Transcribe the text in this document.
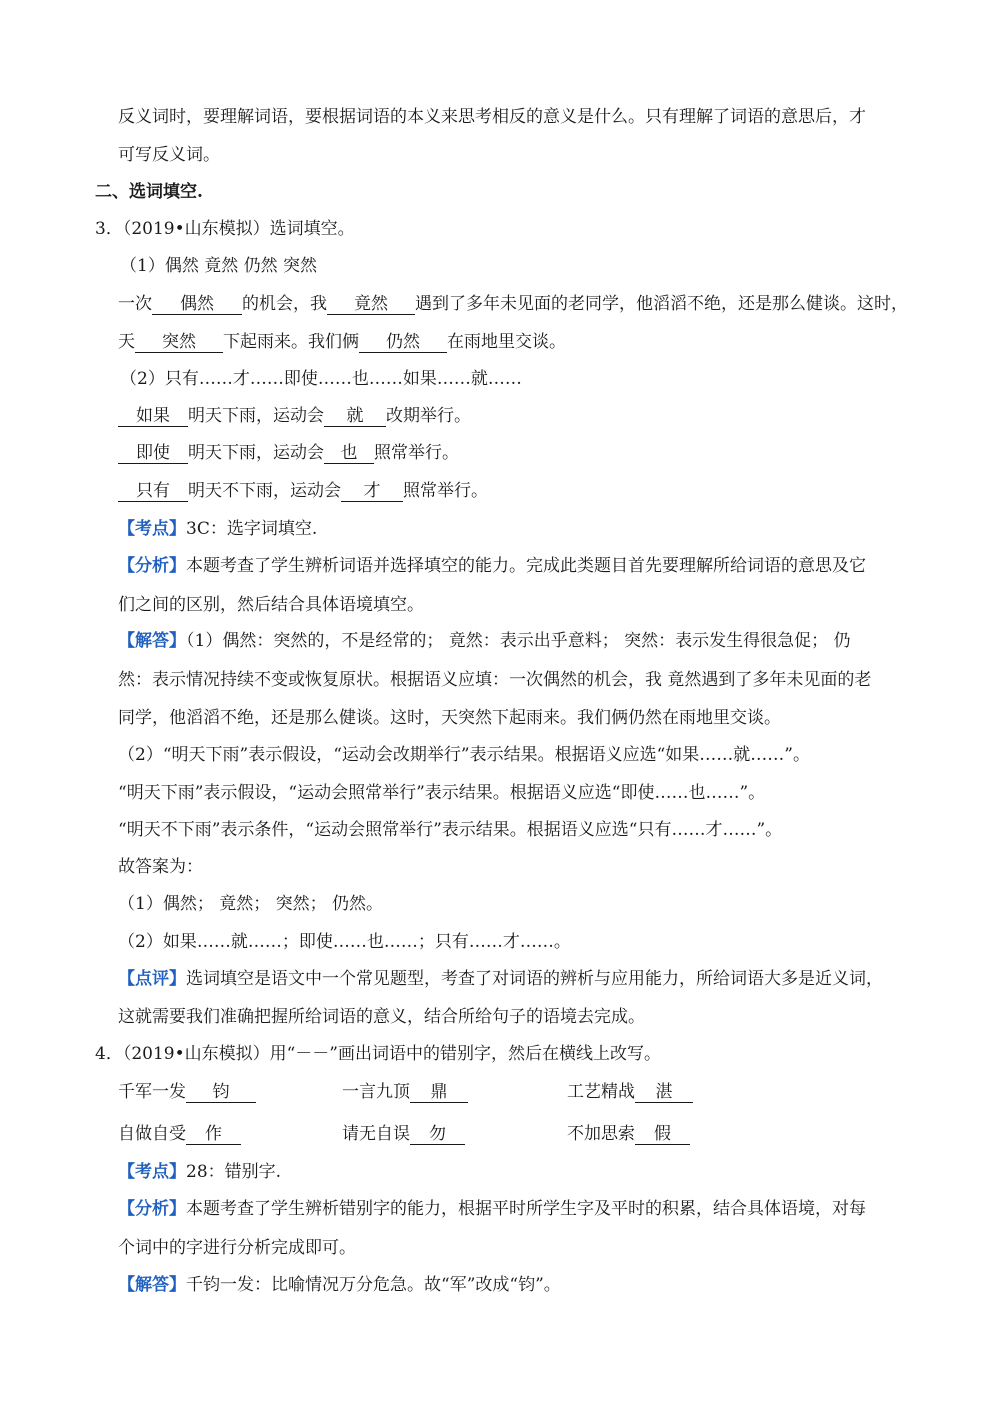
反义词时，要理解词语，要根据词语的本义来思考相反的意义是什么。只有理解了词语的意思后，才
可写反义词。
二、选词填空.
3．（2019•山东模拟）选词填空。
（1）偶然 竟然 仍然 突然
一次 偶然 的机会，我 竟然 遇到了多年未见面的老同学，他滔滔不绝，还是那么健谈。这时，
天 突然 下起雨来。我们俩 仍然 在雨地里交谈。
（2）只有……才……即使……也……如果……就……
如果 明天下雨，运动会 就 改期举行。
即使 明天下雨，运动会 也 照常举行。
只有 明天不下雨，运动会 才 照常举行。
【考点】3C：选字词填空.
【分析】本题考查了学生辨析词语并选择填空的能力。完成此类题目首先要理解所给词语的意思及它
们之间的区别，然后结合具体语境填空。
【解答】（1）偶然：突然的，不是经常的； 竟然：表示出乎意料； 突然：表示发生得很急促； 仍
然：表示情况持续不变或恢复原状。根据语义应填：一次偶然的机会，我 竟然遇到了多年未见面的老
同学，他滔滔不绝，还是那么健谈。这时，天突然下起雨来。我们俩仍然在雨地里交谈。
（2）“明天下雨”表示假设，“运动会改期举行”表示结果。根据语义应选“如果……就……”。
“明天下雨”表示假设，“运动会照常举行”表示结果。根据语义应选“即使……也……”。
“明天不下雨”表示条件，“运动会照常举行”表示结果。根据语义应选“只有……才……”。
故答案为：
（1）偶然； 竟然； 突然； 仍然。
（2）如果……就……；即使……也……；只有……才……。
【点评】选词填空是语文中一个常见题型，考查了对词语的辨析与应用能力，所给词语大多是近义词，
这就需要我们准确把握所给词语的意义，结合所给句子的语境去完成。
4．（2019•山东模拟）用“－－”画出词语中的错别字，然后在横线上改写。
千军一发 钧	一言九顶 鼎	工艺精战 湛
自做自受 作	请无自误 勿	不加思索 假
【考点】28：错别字.
【分析】本题考查了学生辨析错别字的能力，根据平时所学生字及平时的积累，结合具体语境，对每
个词中的字进行分析完成即可。
【解答】千钧一发：比喻情况万分危急。故“军”改成“钧”。
